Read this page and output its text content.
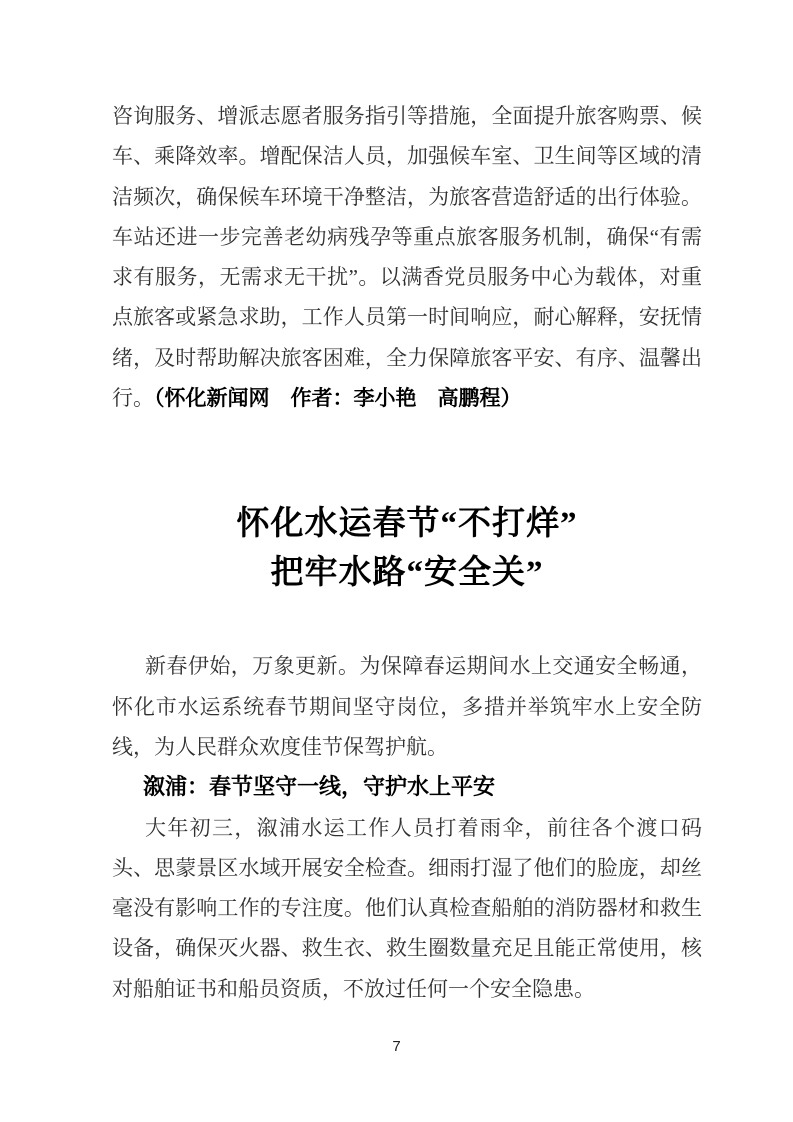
咨询服务、增派志愿者服务指引等措施，全面提升旅客购票、候车、乘降效率。增配保洁人员，加强候车室、卫生间等区域的清洁频次，确保候车环境干净整洁，为旅客营造舒适的出行体验。车站还进一步完善老幼病残孕等重点旅客服务机制，确保“有需求有服务，无需求无干扰”。以满香党员服务中心为载体，对重点旅客或紧急求助，工作人员第一时间响应，耐心解释，安抚情绪，及时帮助解决旅客困难，全力保障旅客平安、有序、温馨出行。（怀化新闻网　作者：李小艳　高鹏程）

怀化水运春节“不打烊”
把牢水路“安全关”

新春伊始，万象更新。为保障春运期间水上交通安全畅通，怀化市水运系统春节期间坚守岗位，多措并举筑牢水上安全防线，为人民群众欢度佳节保驾护航。

溆浦：春节坚守一线，守护水上平安

大年初三，溆浦水运工作人员打着雨伞，前往各个渡口码头、思蒙景区水域开展安全检查。细雨打湿了他们的脸庞，却丝毫没有影响工作的专注度。他们认真检查船舶的消防器材和救生设备，确保灭火器、救生衣、救生圈数量充足且能正常使用，核对船舶证书和船员资质，不放过任何一个安全隐患。

7
